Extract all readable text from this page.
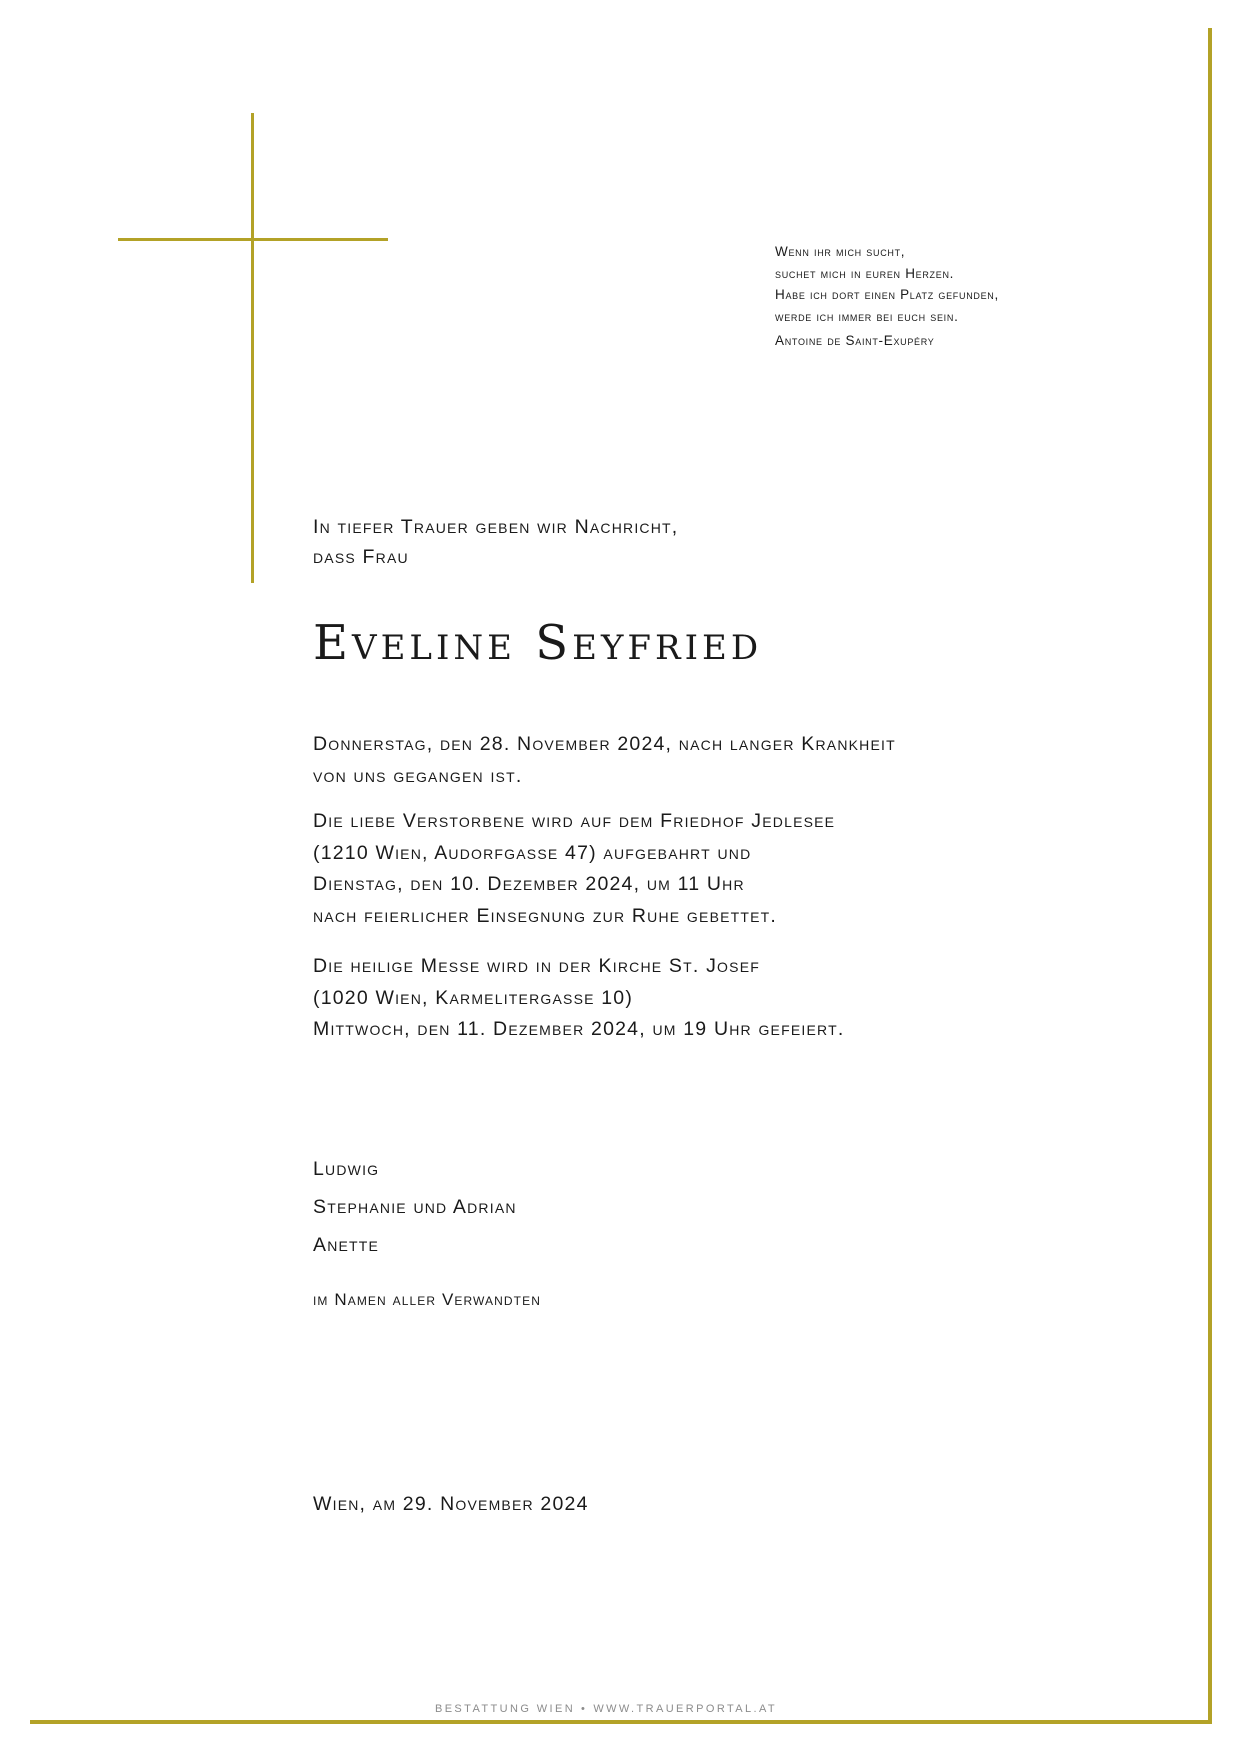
Wenn ihr mich sucht,
suchet mich in euren Herzen.
Habe ich dort einen Platz gefunden,
werde ich immer bei euch sein.
Antoine de Saint-Exupéry
In tiefer Trauer geben wir Nachricht,
dass Frau
Eveline Seyfried
Donnerstag, den 28. November 2024, nach langer Krankheit
von uns gegangen ist.
Die liebe Verstorbene wird auf dem Friedhof Jedlesee
(1210 Wien, Audorfgasse 47) aufgebahrt und
Dienstag, den 10. Dezember 2024, um 11 Uhr
nach feierlicher Einsegnung zur Ruhe gebettet.
Die heilige Messe wird in der Kirche St. Josef
(1020 Wien, Karmelitergasse 10)
Mittwoch, den 11. Dezember 2024, um 19 Uhr gefeiert.
Ludwig
Stephanie und Adrian
Anette
im Namen aller Verwandten
Wien, am 29. November 2024
BESTATTUNG WIEN • WWW.TRAUERPORTAL.AT
